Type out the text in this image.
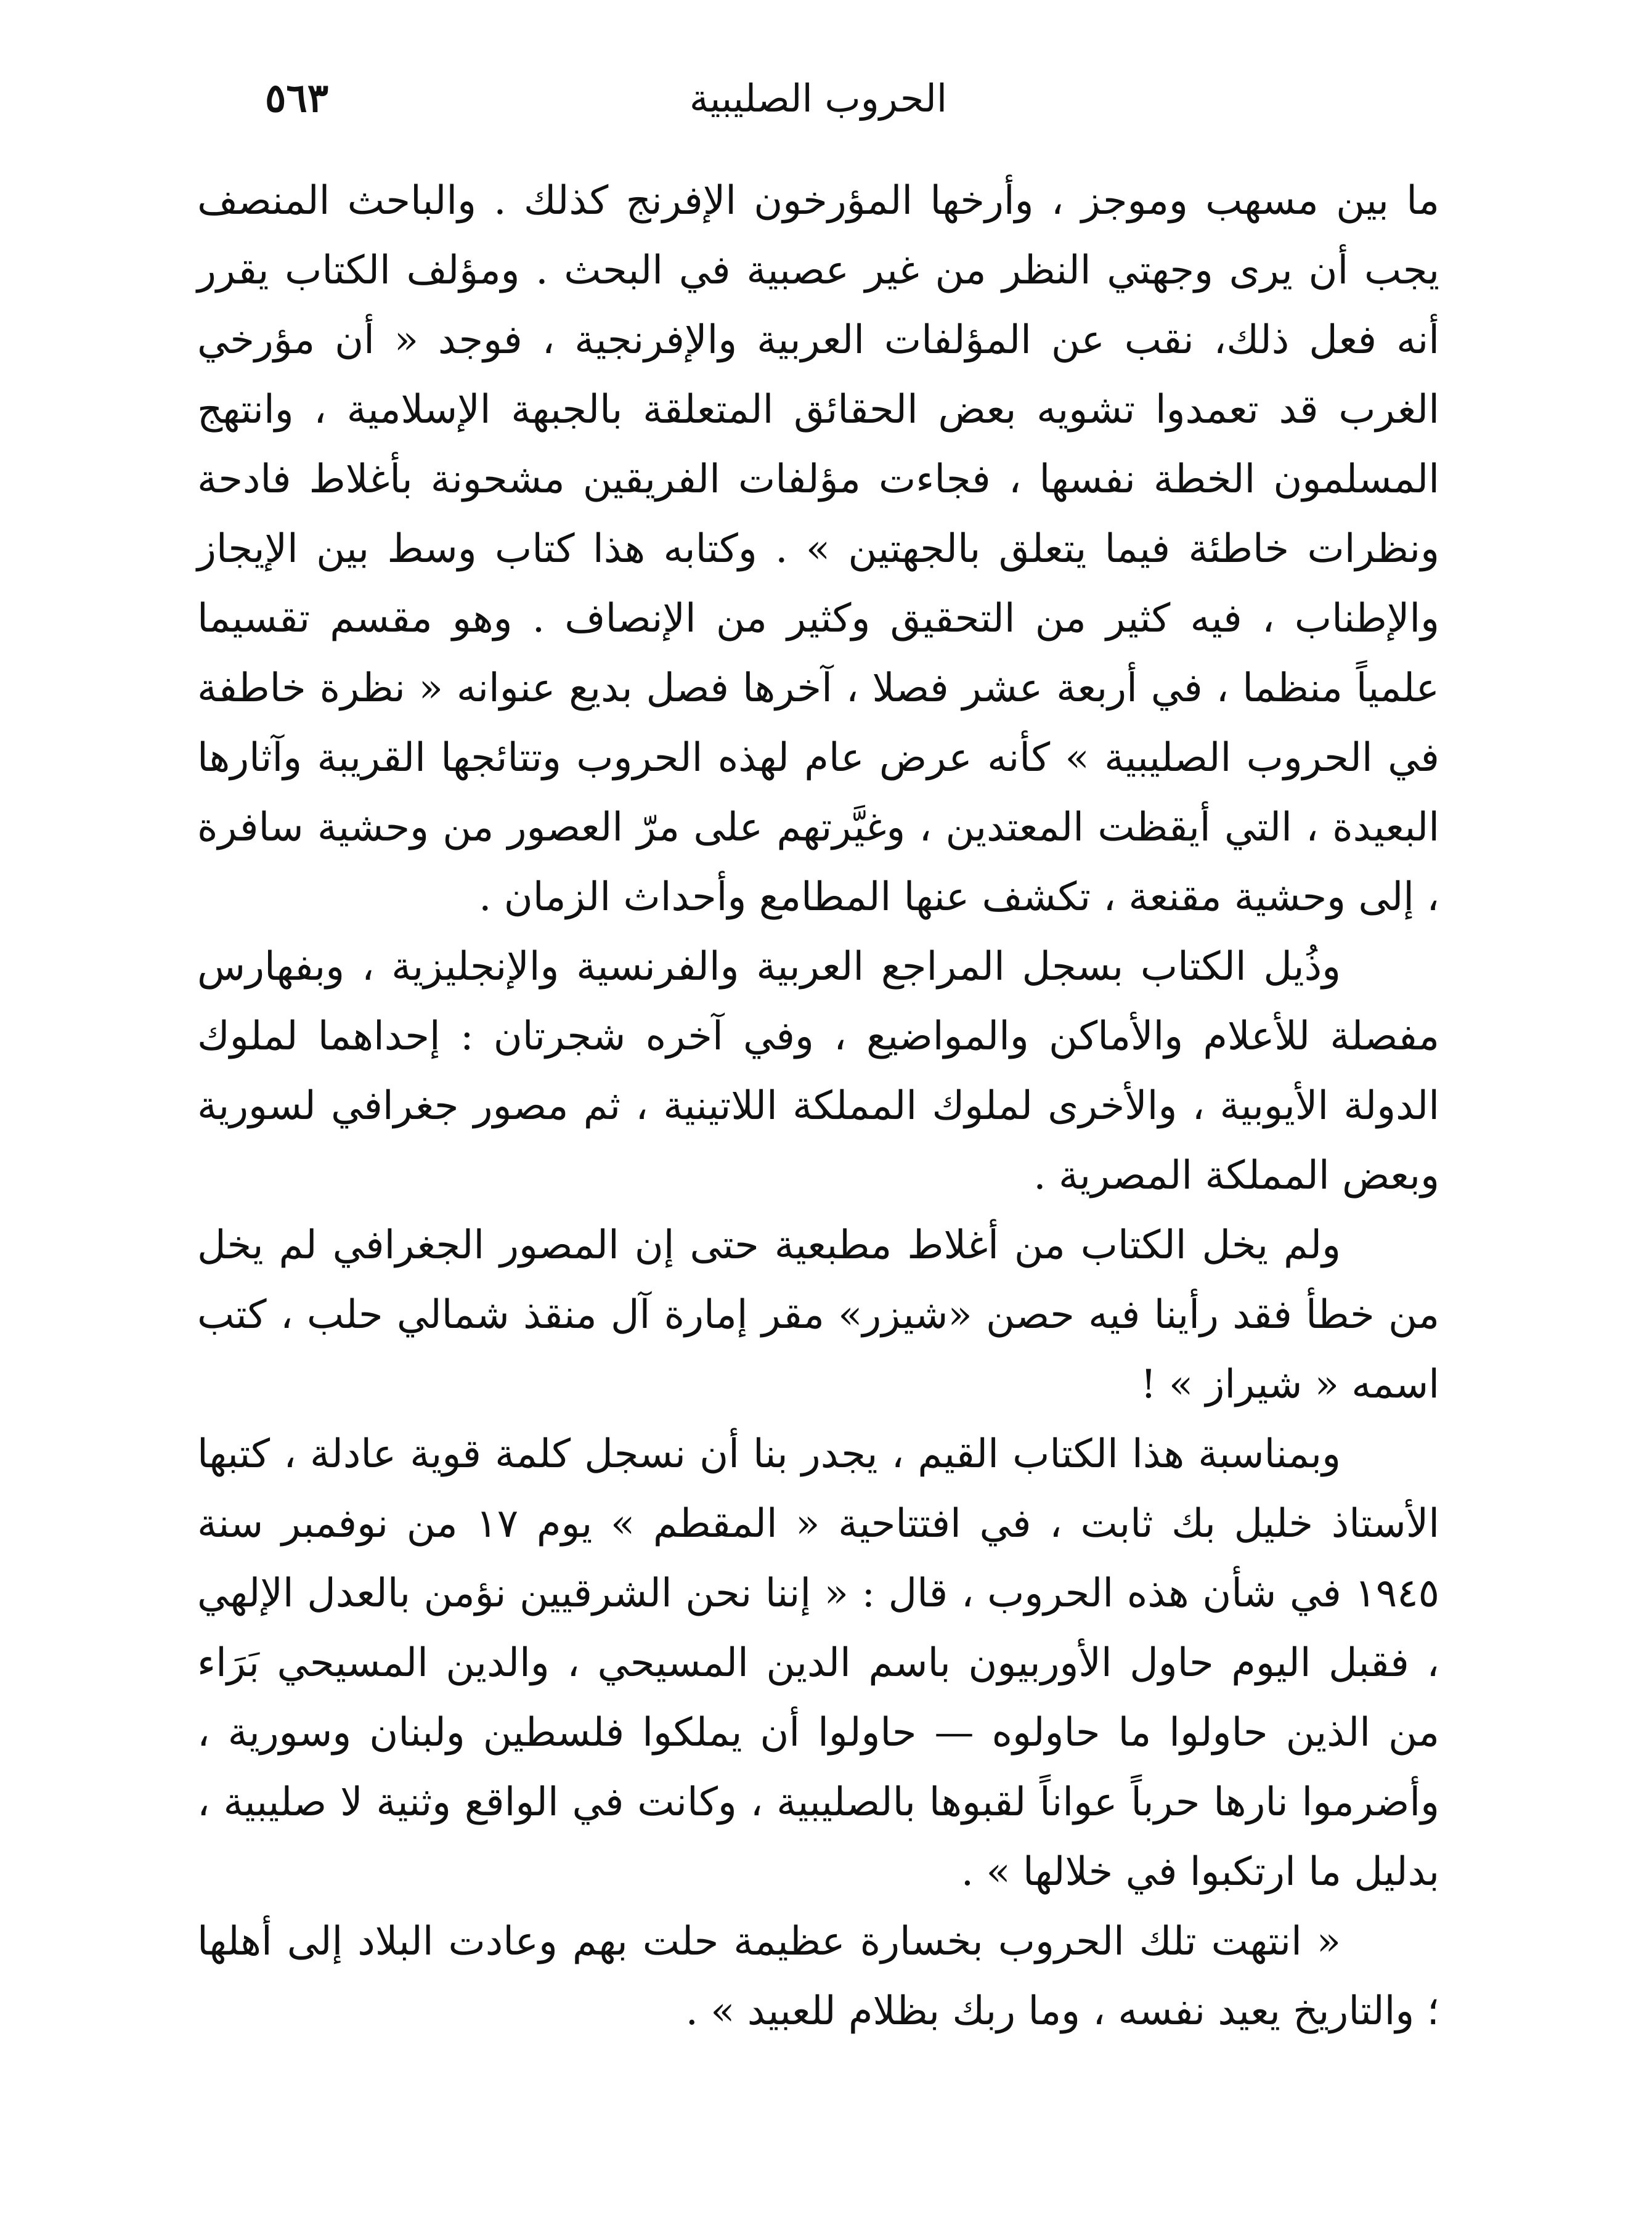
الحروب الصليبية
٥٦٣

ما بين مسهب وموجز ، وأرخها المؤرخون الإفرنج كذلك . والباحث المنصف يجب أن يرى وجهتي النظر من غير عصبية في البحث . ومؤلف الكتاب يقرر أنه فعل ذلك، نقب عن المؤلفات العربية والإفرنجية ، فوجد « أن مؤرخي الغرب قد تعمدوا تشويه بعض الحقائق المتعلقة بالجبهة الإسلامية ، وانتهج المسلمون الخطة نفسها ، فجاءت مؤلفات الفريقين مشحونة بأغلاط فادحة ونظرات خاطئة فيما يتعلق بالجهتين » . وكتابه هذا كتاب وسط بين الإيجاز والإطناب ، فيه كثير من التحقيق وكثير من الإنصاف . وهو مقسم تقسيما علمياً منظما ، في أربعة عشر فصلا ، آخرها فصل بديع عنوانه « نظرة خاطفة في الحروب الصليبية » كأنه عرض عام لهذه الحروب وتتائجها القريبة وآثارها البعيدة ، التي أيقظت المعتدين ، وغيَّرتهم على مرّ العصور من وحشية سافرة ، إلى وحشية مقنعة ، تكشف عنها المطامع وأحداث الزمان .

وذُيل الكتاب بسجل المراجع العربية والفرنسية والإنجليزية ، وبفهارس مفصلة للأعلام والأماكن والمواضيع ، وفي آخره شجرتان : إحداهما لملوك الدولة الأيوبية ، والأخرى لملوك المملكة اللاتينية ، ثم مصور جغرافي لسورية وبعض المملكة المصرية .

ولم يخل الكتاب من أغلاط مطبعية حتى إن المصور الجغرافي لم يخل من خطأ فقد رأينا فيه حصن «شيزر» مقر إمارة آل منقذ شمالي حلب ، كتب اسمه « شيراز » !

وبمناسبة هذا الكتاب القيم ، يجدر بنا أن نسجل كلمة قوية عادلة ، كتبها الأستاذ خليل بك ثابت ، في افتتاحية « المقطم » يوم ١٧ من نوفمبر سنة ١٩٤٥ في شأن هذه الحروب ، قال : « إننا نحن الشرقيين نؤمن بالعدل الإلهي ، فقبل اليوم حاول الأوربيون باسم الدين المسيحي ، والدين المسيحي بَرَاء من الذين حاولوا ما حاولوه — حاولوا أن يملكوا فلسطين ولبنان وسورية ، وأضرموا نارها حرباً عواناً لقبوها بالصليبية ، وكانت في الواقع وثنية لا صليبية ، بدليل ما ارتكبوا في خلالها » .

« انتهت تلك الحروب بخسارة عظيمة حلت بهم وعادت البلاد إلى أهلها ؛ والتاريخ يعيد نفسه ، وما ربك بظلام للعبيد » .
